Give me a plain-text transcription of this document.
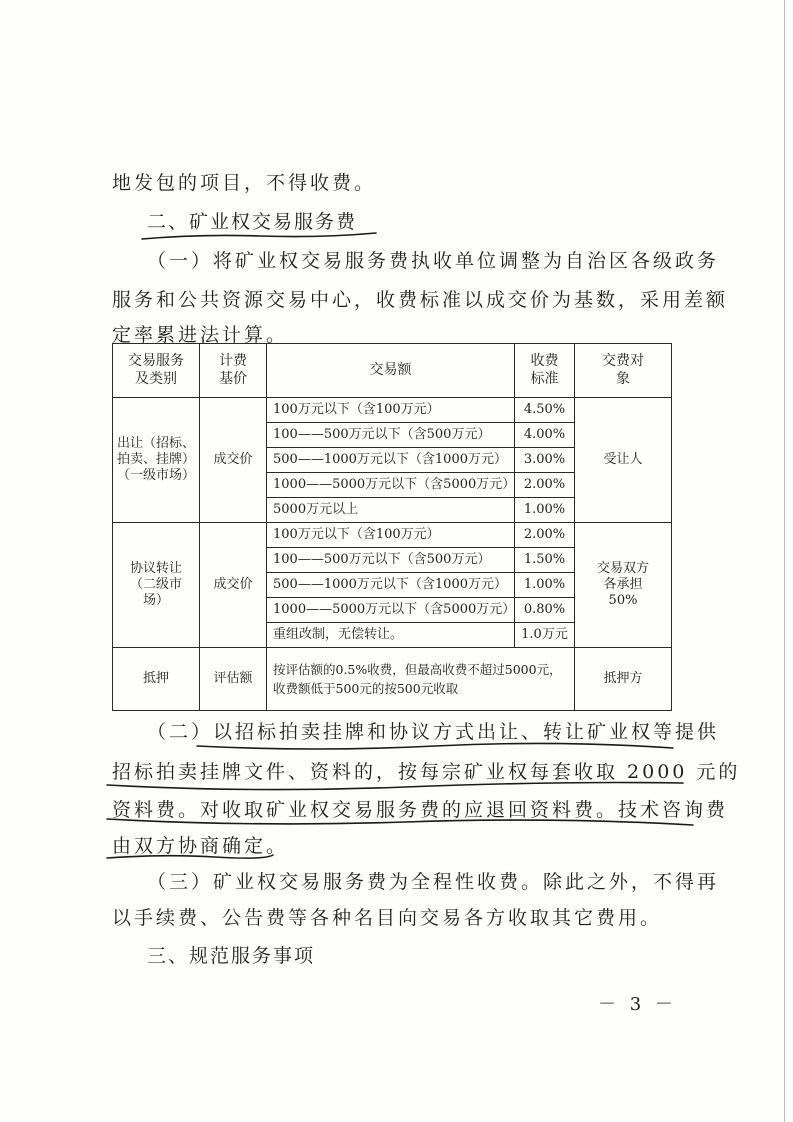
地发包的项目，不得收费。

二、矿业权交易服务费

（一）将矿业权交易服务费执收单位调整为自治区各级政务

服务和公共资源交易中心，收费标准以成交价为基数，采用差额

定率累进法计算。

交易服务及类别	计费基价	交易额	收费标准	交费对象
出让（招标、拍卖、挂牌）（一级市场）	成交价	100万元以下（含100万元）	4.50%	受让人
		100——500万元以下（含500万元）	4.00%	
		500——1000万元以下（含1000万元）	3.00%	
		1000——5000万元以下（含5000万元）	2.00%	
		5000万元以上	1.00%	
协议转让（二级市场）	成交价	100万元以下（含100万元）	2.00%	交易双方各承担50%
		100——500万元以下（含500万元）	1.50%	
		500——1000万元以下（含1000万元）	1.00%	
		1000——5000万元以下（含5000万元）	0.80%	
		重组改制，无偿转让。	1.0万元	
抵押	评估额	按评估额的0.5%收费，但最高收费不超过5000元，收费额低于500元的按500元收取		抵押方

（二）以招标拍卖挂牌和协议方式出让、转让矿业权等提供

招标拍卖挂牌文件、资料的，按每宗矿业权每套收取 2000 元的

资料费。对收取矿业权交易服务费的应退回资料费。技术咨询费

由双方协商确定。

（三）矿业权交易服务费为全程性收费。除此之外，不得再

以手续费、公告费等各种名目向交易各方收取其它费用。

三、规范服务事项
－ 3 －
